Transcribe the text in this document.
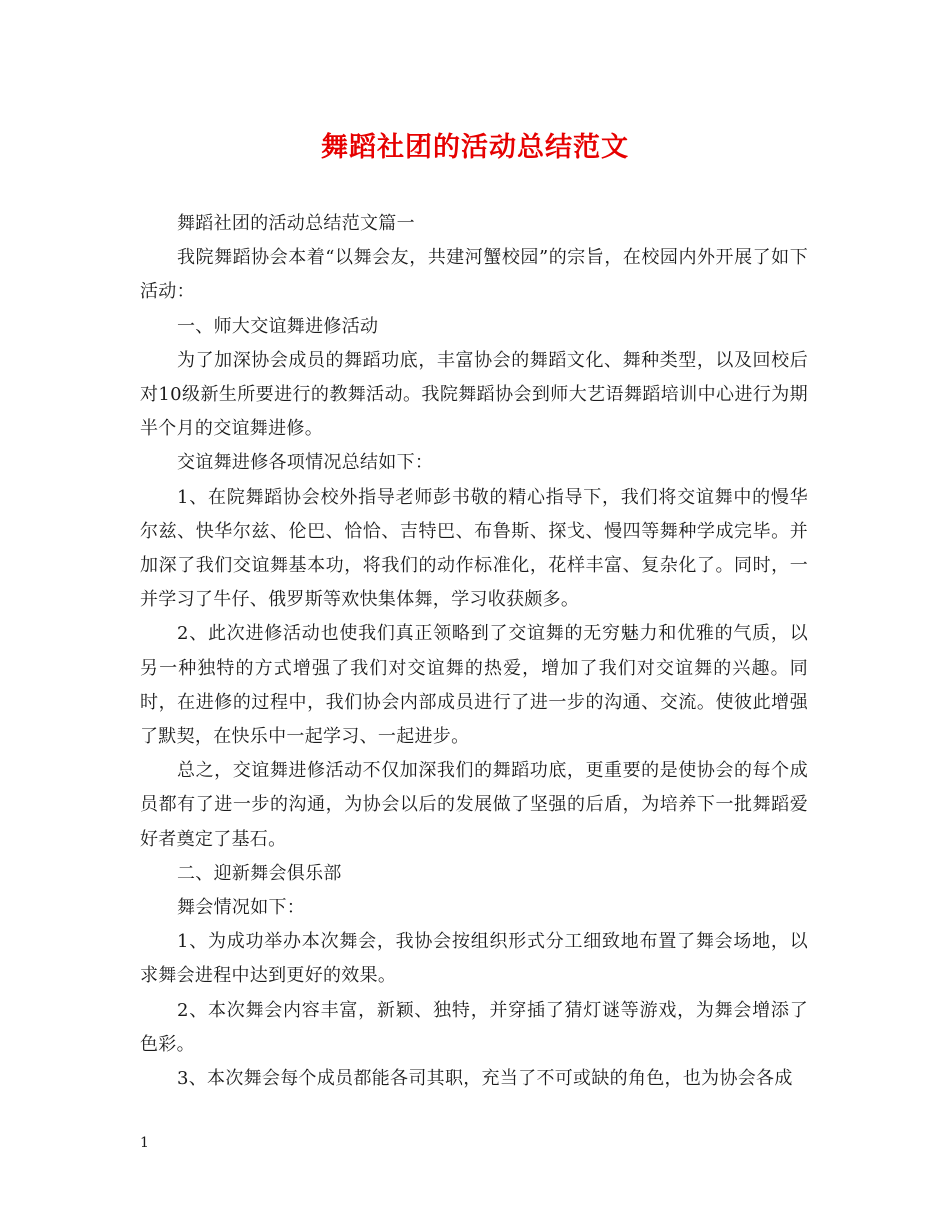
舞蹈社团的活动总结范文

舞蹈社团的活动总结范文篇一

我院舞蹈协会本着“以舞会友，共建河蟹校园”的宗旨，在校园内外开展了如下活动：

一、师大交谊舞进修活动

为了加深协会成员的舞蹈功底，丰富协会的舞蹈文化、舞种类型，以及回校后对10级新生所要进行的教舞活动。我院舞蹈协会到师大艺语舞蹈培训中心进行为期半个月的交谊舞进修。

交谊舞进修各项情况总结如下：

1、在院舞蹈协会校外指导老师彭书敬的精心指导下，我们将交谊舞中的慢华尔兹、快华尔兹、伦巴、恰恰、吉特巴、布鲁斯、探戈、慢四等舞种学成完毕。并加深了我们交谊舞基本功，将我们的动作标准化，花样丰富、复杂化了。同时，一并学习了牛仔、俄罗斯等欢快集体舞，学习收获颇多。

2、此次进修活动也使我们真正领略到了交谊舞的无穷魅力和优雅的气质，以另一种独特的方式增强了我们对交谊舞的热爱，增加了我们对交谊舞的兴趣。同时，在进修的过程中，我们协会内部成员进行了进一步的沟通、交流。使彼此增强了默契，在快乐中一起学习、一起进步。

总之，交谊舞进修活动不仅加深我们的舞蹈功底，更重要的是使协会的每个成员都有了进一步的沟通，为协会以后的发展做了坚强的后盾，为培养下一批舞蹈爱好者奠定了基石。

二、迎新舞会俱乐部

舞会情况如下：

1、为成功举办本次舞会，我协会按组织形式分工细致地布置了舞会场地，以求舞会进程中达到更好的效果。

2、本次舞会内容丰富，新颖、独特，并穿插了猜灯谜等游戏，为舞会增添了色彩。

3、本次舞会每个成员都能各司其职，充当了不可或缺的角色，也为协会各成

1
